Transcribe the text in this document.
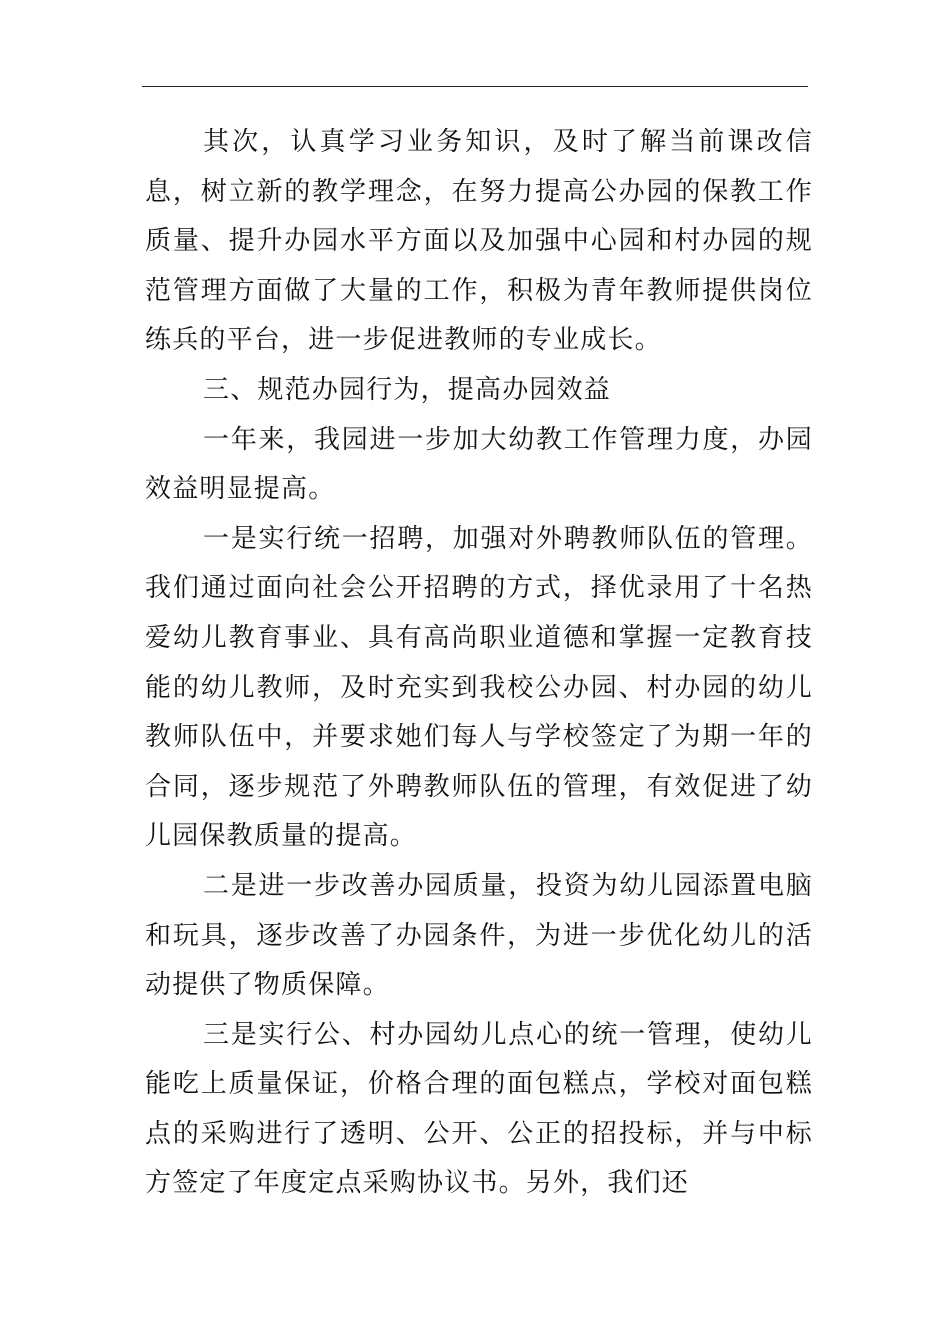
其次，认真学习业务知识，及时了解当前课改信息，树立新的教学理念，在努力提高公办园的保教工作质量、提升办园水平方面以及加强中心园和村办园的规范管理方面做了大量的工作，积极为青年教师提供岗位练兵的平台，进一步促进教师的专业成长。

三、规范办园行为，提高办园效益

一年来，我园进一步加大幼教工作管理力度，办园效益明显提高。

一是实行统一招聘，加强对外聘教师队伍的管理。我们通过面向社会公开招聘的方式，择优录用了十名热爱幼儿教育事业、具有高尚职业道德和掌握一定教育技能的幼儿教师，及时充实到我校公办园、村办园的幼儿教师队伍中，并要求她们每人与学校签定了为期一年的合同，逐步规范了外聘教师队伍的管理，有效促进了幼儿园保教质量的提高。

二是进一步改善办园质量，投资为幼儿园添置电脑和玩具，逐步改善了办园条件，为进一步优化幼儿的活动提供了物质保障。

三是实行公、村办园幼儿点心的统一管理，使幼儿能吃上质量保证，价格合理的面包糕点，学校对面包糕点的采购进行了透明、公开、公正的招投标，并与中标方签定了年度定点采购协议书。另外，我们还
